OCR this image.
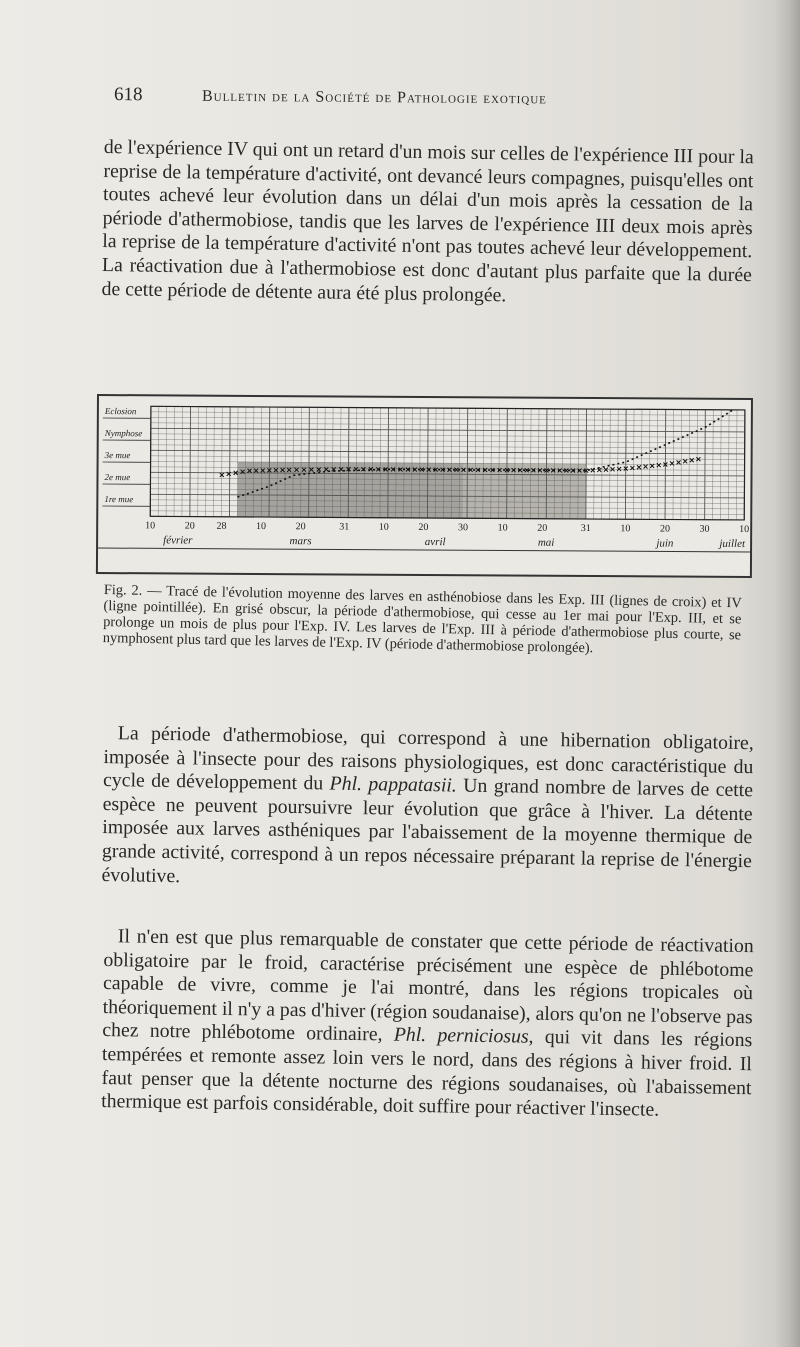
618	Bulletin de la Société de Pathologie exotique

de l'expérience IV qui ont un retard d'un mois sur celles de l'expérience III pour la reprise de la température d'activité, ont devancé leurs compagnes, puisqu'elles ont toutes achevé leur évolution dans un délai d'un mois après la cessation de la période d'athermobiose, tandis que les larves de l'expérience III deux mois après la reprise de la température d'activité n'ont pas toutes achevé leur développement. La réactivation due à l'athermobiose est donc d'autant plus parfaite que la durée de cette période de détente aura été plus prolongée.

Eclosion
Nymphose
3e mue
2e mue
1re mue
10	20 28	10	20	31	10	20	30	10	20	31	10	20	30	10
février	mars	avril	mai	juin	juillet

Fig. 2. — Tracé de l'évolution moyenne des larves en asthénobiose dans les Exp. III (lignes de croix) et IV (ligne pointillée). En grisé obscur, la période d'athermobiose, qui cesse au 1er mai pour l'Exp. III, et se prolonge un mois de plus pour l'Exp. IV. Les larves de l'Exp. III à période d'athermobiose plus courte, se nymphosent plus tard que les larves de l'Exp. IV (période d'athermobiose prolongée).

La période d'athermobiose, qui correspond à une hibernation obligatoire, imposée à l'insecte pour des raisons physiologiques, est donc caractéristique du cycle de développement du Phl. pappatasii. Un grand nombre de larves de cette espèce ne peuvent poursuivre leur évolution que grâce à l'hiver. La détente imposée aux larves asthéniques par l'abaissement de la moyenne thermique de grande activité, correspond à un repos nécessaire préparant la reprise de l'énergie évolutive.

Il n'en est que plus remarquable de constater que cette période de réactivation obligatoire par le froid, caractérise précisément une espèce de phlébotome capable de vivre, comme je l'ai montré, dans les régions tropicales où théoriquement il n'y a pas d'hiver (région soudanaise), alors qu'on ne l'observe pas chez notre phlébotome ordinaire, Phl. perniciosus, qui vit dans les régions tempérées et remonte assez loin vers le nord, dans des régions à hiver froid. Il faut penser que la détente nocturne des régions soudanaises, où l'abaissement thermique est parfois considérable, doit suffire pour réactiver l'insecte.
